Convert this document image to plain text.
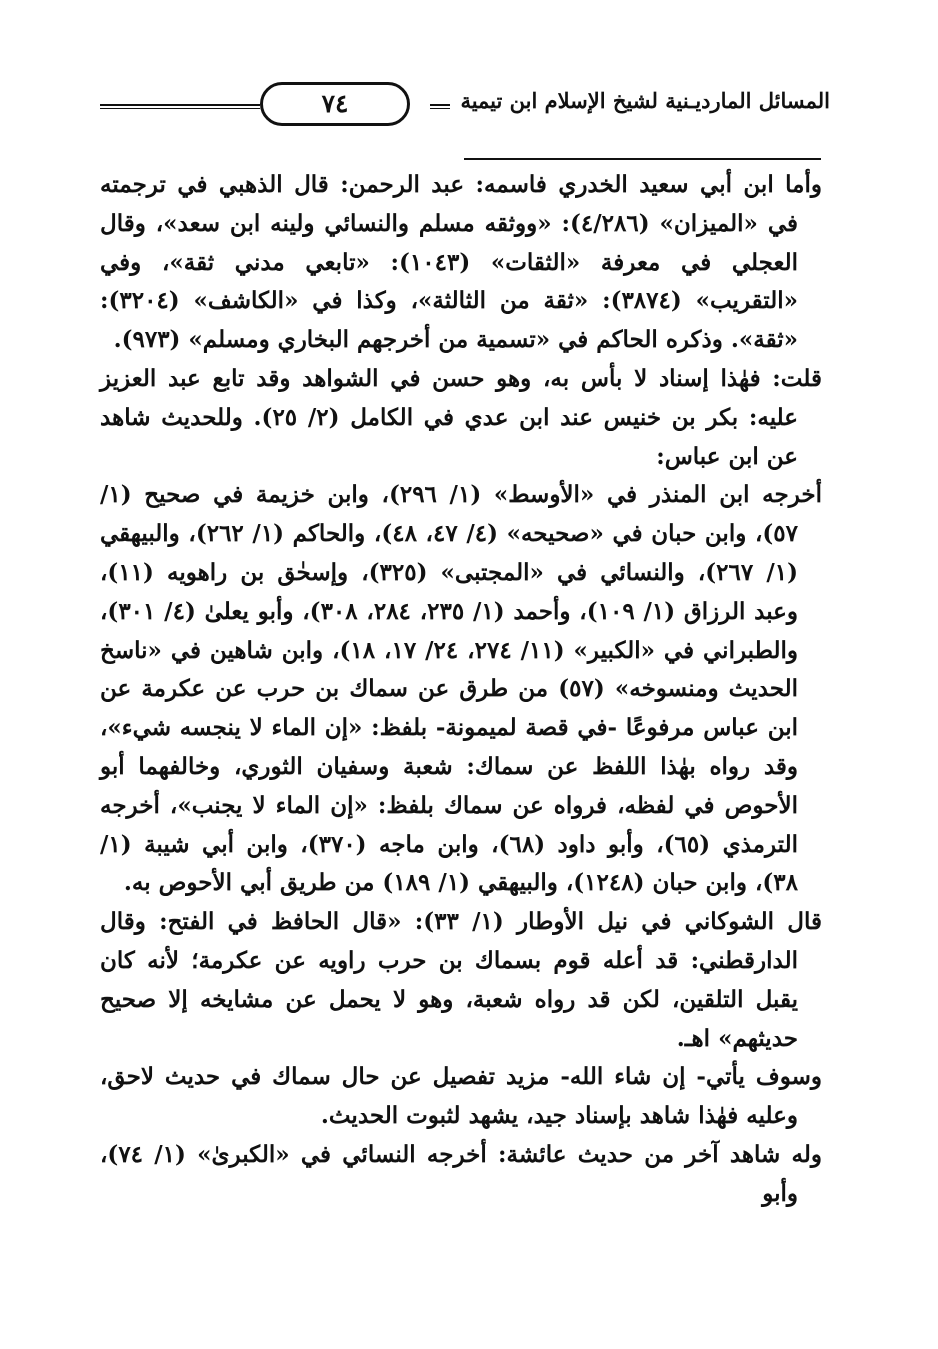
٧٤	المسائل المارديـنية لشيخ الإسلام ابن تيمية

وأما ابن أبي سعيد الخدري فاسمه: عبد الرحمن: قال الذهبي في ترجمته في «الميزان» (٤/٢٨٦): «ووثقه مسلم والنسائي ولينه ابن سعد»، وقال العجلي في معرفة «الثقات» (١٠٤٣): «تابعي مدني ثقة»، وفي «التقريب» (٣٨٧٤): «ثقة من الثالثة»، وكذا في «الكاشف» (٣٢٠٤): «ثقة». وذكره الحاكم في «تسمية من أخرجهم البخاري ومسلم» (٩٧٣).

قلت: فهٰذا إسناد لا بأس به، وهو حسن في الشواهد وقد تابع عبد العزيز عليه: بكر بن خنيس عند ابن عدي في الكامل (٢/ ٢٥). وللحديث شاهد عن ابن عباس:

أخرجه ابن المنذر في «الأوسط» (١/ ٢٩٦)، وابن خزيمة في صحيح (١/ ٥٧)، وابن حبان في «صحيحه» (٤/ ٤٧، ٤٨)، والحاكم (١/ ٢٦٢)، والبيهقي (١/ ٢٦٧)، والنسائي في «المجتبى» (٣٢٥)، وإسحٰق بن راهويه (١١)، وعبد الرزاق (١/ ١٠٩)، وأحمد (١/ ٢٣٥، ٢٨٤، ٣٠٨)، وأبو يعلىٰ (٤/ ٣٠١)، والطبراني في «الكبير» (١١/ ٢٧٤، ٢٤/ ١٧، ١٨)، وابن شاهين في «ناسخ الحديث ومنسوخه» (٥٧) من طرق عن سماك بن حرب عن عكرمة عن ابن عباس مرفوعًا -في قصة لميمونة- بلفظ: «إن الماء لا ينجسه شيء»، وقد رواه بهٰذا اللفظ عن سماك: شعبة وسفيان الثوري، وخالفهما أبو الأحوص في لفظه، فرواه عن سماك بلفظ: «إن الماء لا يجنب»، أخرجه الترمذي (٦٥)، وأبو داود (٦٨)، وابن ماجه (٣٧٠)، وابن أبي شيبة (١/ ٣٨)، وابن حبان (١٢٤٨)، والبيهقي (١/ ١٨٩) من طريق أبي الأحوص به.

قال الشوكاني في نيل الأوطار (١/ ٣٣): «قال الحافظ في الفتح: وقال الدارقطني: قد أعله قوم بسماك بن حرب راويه عن عكرمة؛ لأنه كان يقبل التلقين، لكن قد رواه شعبة، وهو لا يحمل عن مشايخه إلا صحيح حديثهم» اهـ.

وسوف يأتي- إن شاء الله- مزيد تفصيل عن حال سماك في حديث لاحق، وعليه فهٰذا شاهد بإسناد جيد، يشهد لثبوت الحديث.

وله شاهد آخر من حديث عائشة: أخرجه النسائي في «الكبرىٰ» (١/ ٧٤)، وأبو
